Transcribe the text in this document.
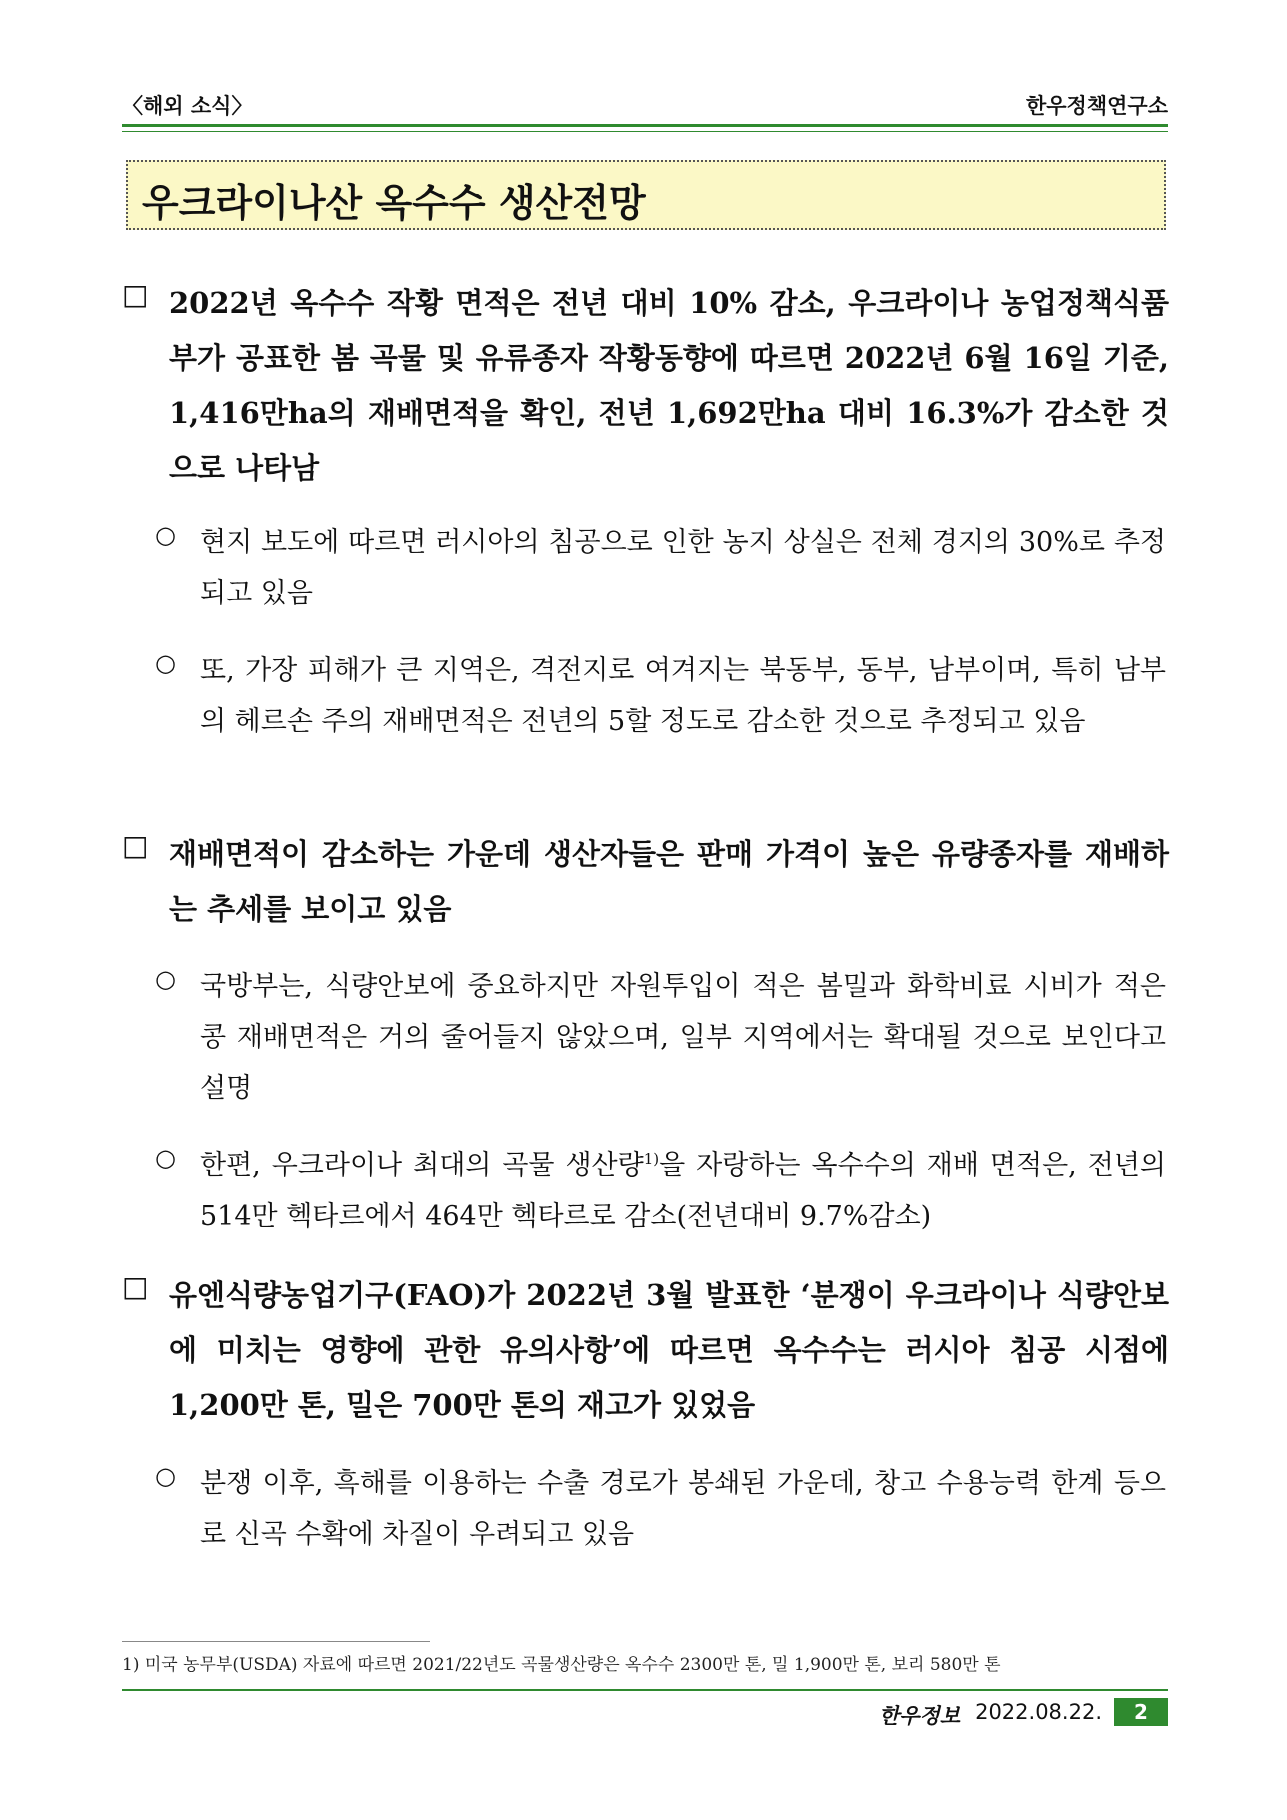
〈해외 소식〉	한우정책연구소
우크라이나산 옥수수 생산전망
□ 2022년 옥수수 작황 면적은 전년 대비 10% 감소, 우크라이나 농업정책식품부가 공표한 봄 곡물 및 유류종자 작황동향에 따르면 2022년 6월 16일 기준, 1,416만ha의 재배면적을 확인, 전년 1,692만ha 대비 16.3%가 감소한 것으로 나타남
○ 현지 보도에 따르면 러시아의 침공으로 인한 농지 상실은 전체 경지의 30%로 추정되고 있음
○ 또, 가장 피해가 큰 지역은, 격전지로 여겨지는 북동부, 동부, 남부이며, 특히 남부의 헤르손 주의 재배면적은 전년의 5할 정도로 감소한 것으로 추정되고 있음
□ 재배면적이 감소하는 가운데 생산자들은 판매 가격이 높은 유량종자를 재배하는 추세를 보이고 있음
○ 국방부는, 식량안보에 중요하지만 자원투입이 적은 봄밀과 화학비료 시비가 적은 콩 재배면적은 거의 줄어들지 않았으며, 일부 지역에서는 확대될 것으로 보인다고 설명
○ 한편, 우크라이나 최대의 곡물 생산량$^{1)}$을 자랑하는 옥수수의 재배 면적은, 전년의 514만 헥타르에서 464만 헥타르로 감소(전년대비 9.7%감소)
□ 유엔식량농업기구(FAO)가 2022년 3월 발표한 ‘분쟁이 우크라이나 식량안보에 미치는 영향에 관한 유의사항’에 따르면 옥수수는 러시아 침공 시점에 1,200만 톤, 밀은 700만 톤의 재고가 있었음
○ 분쟁 이후, 흑해를 이용하는 수출 경로가 봉쇄된 가운데, 창고 수용능력 한계 등으로 신곡 수확에 차질이 우려되고 있음
1) 미국 농무부(USDA) 자료에 따르면 2021/22년도 곡물생산량은 옥수수 2300만 톤, 밀 1,900만 톤, 보리 580만 톤
한우정보 2022.08.22.	2
